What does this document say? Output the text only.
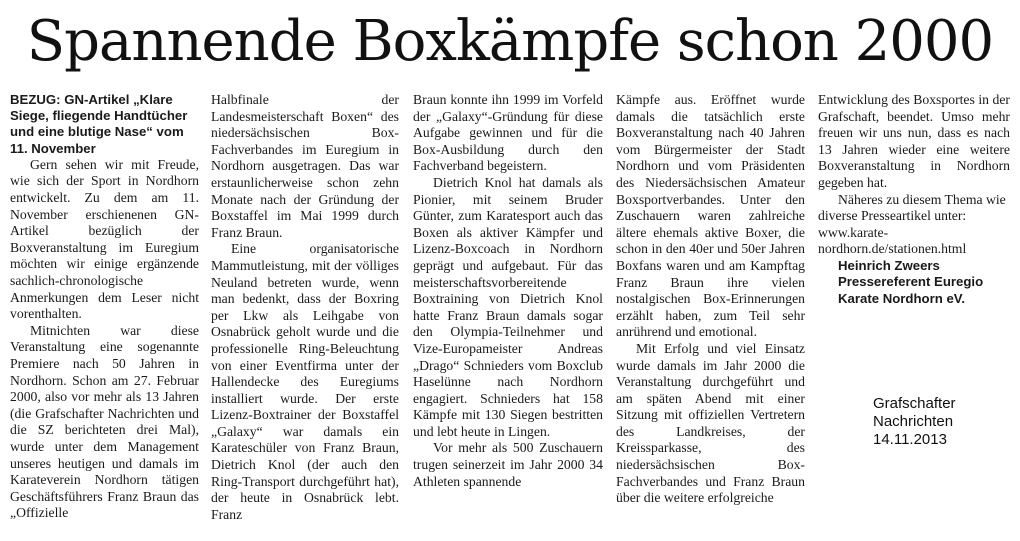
Spannende Boxkämpfe schon 2000

BEZUG: GN-Artikel „Klare Siege, fliegende Handtücher und eine blutige Nase“ vom 11. November

Gern sehen wir mit Freude, wie sich der Sport in Nordhorn entwickelt. Zu dem am 11. November erschienenen GN-Artikel bezüglich der Boxveranstaltung im Euregium möchten wir einige ergänzende sachlich-chronologische Anmerkungen dem Leser nicht vorenthalten.

Mitnichten war diese Veranstaltung eine sogenannte Premiere nach 50 Jahren in Nordhorn. Schon am 27. Februar 2000, also vor mehr als 13 Jahren (die Grafschafter Nachrichten und die SZ berichteten drei Mal), wurde unter dem Management unseres heutigen und damals im Karateverein Nordhorn tätigen Geschäftsführers Franz Braun das „Offizielle

Halbfinale der Landesmeisterschaft Boxen“ des niedersächsischen Box-Fachverbandes im Euregium in Nordhorn ausgetragen. Das war erstaunlicherweise schon zehn Monate nach der Gründung der Boxstaffel im Mai 1999 durch Franz Braun.

Eine organisatorische Mammutleistung, mit der völliges Neuland betreten wurde, wenn man bedenkt, dass der Boxring per Lkw als Leihgabe von Osnabrück geholt wurde und die professionelle Ring-Beleuchtung von einer Eventfirma unter der Hallendecke des Euregiums installiert wurde. Der erste Lizenz-Boxtrainer der Boxstaffel „Galaxy“ war damals ein Karateschüler von Franz Braun, Dietrich Knol (der auch den Ring-Transport durchgeführt hat), der heute in Osnabrück lebt. Franz

Braun konnte ihn 1999 im Vorfeld der „Galaxy“-Gründung für diese Aufgabe gewinnen und für die Box-Ausbildung durch den Fachverband begeistern.

Dietrich Knol hat damals als Pionier, mit seinem Bruder Günter, zum Karatesport auch das Boxen als aktiver Kämpfer und Lizenz-Boxcoach in Nordhorn geprägt und aufgebaut. Für das meisterschaftsvorbereitende Boxtraining von Dietrich Knol hatte Franz Braun damals sogar den Olympia-Teilnehmer und Vize-Europameister Andreas „Drago“ Schnieders vom Boxclub Haselünne nach Nordhorn engagiert. Schnieders hat 158 Kämpfe mit 130 Siegen bestritten und lebt heute in Lingen.

Vor mehr als 500 Zuschauern trugen seinerzeit im Jahr 2000 34 Athleten spannende

Kämpfe aus. Eröffnet wurde damals die tatsächlich erste Boxveranstaltung nach 40 Jahren vom Bürgermeister der Stadt Nordhorn und vom Präsidenten des Niedersächsischen Amateur Boxsportverbandes. Unter den Zuschauern waren zahlreiche ältere ehemals aktive Boxer, die schon in den 40er und 50er Jahren Boxfans waren und am Kampftag Franz Braun ihre vielen nostalgischen Box-Erinnerungen erzählt haben, zum Teil sehr anrührend und emotional.

Mit Erfolg und viel Einsatz wurde damals im Jahr 2000 die Veranstaltung durchgeführt und am späten Abend mit einer Sitzung mit offiziellen Vertretern des Landkreises, der Kreissparkasse, des niedersächsischen Box-Fachverbandes und Franz Braun über die weitere erfolgreiche

Entwicklung des Boxsportes in der Grafschaft, beendet. Umso mehr freuen wir uns nun, dass es nach 13 Jahren wieder eine weitere Boxveranstaltung in Nordhorn gegeben hat.

Näheres zu diesem Thema wie diverse Presseartikel unter: www.karate-nordhorn.de/stationen.html

Heinrich Zweers
Pressereferent Euregio
Karate Nordhorn eV.

Grafschafter
Nachrichten
14.11.2013
